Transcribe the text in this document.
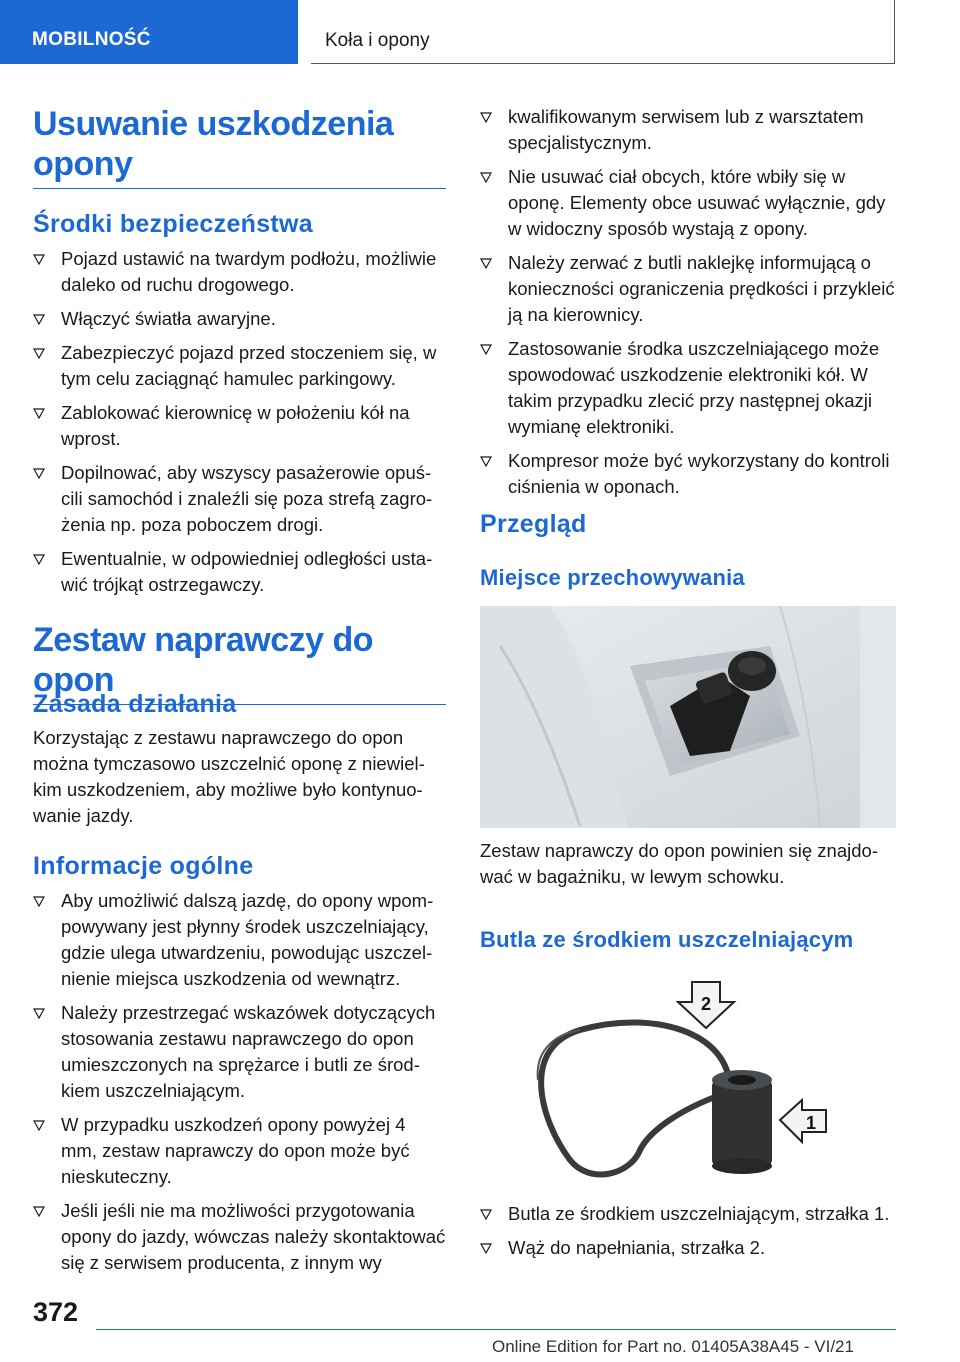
MOBILNOŚĆ	Koła i opony
Usuwanie uszkodzenia opony
Środki bezpieczeństwa
Pojazd ustawić na twardym podłożu, możliwie daleko od ruchu drogowego.
Włączyć światła awaryjne.
Zabezpieczyć pojazd przed stoczeniem się, w tym celu zaciągnąć hamulec parkingowy.
Zablokować kierownicę w położeniu kół na wprost.
Dopilnować, aby wszyscy pasażerowie opuścili samochód i znaleźli się poza strefą zagrożenia np. poza poboczem drogi.
Ewentualnie, w odpowiedniej odległości ustawić trójkąt ostrzegawczy.
Zestaw naprawczy do opon
Zasada działania
Korzystając z zestawu naprawczego do opon można tymczasowo uszczelnić oponę z niewielkim uszkodzeniem, aby możliwe było kontynuowanie jazdy.
Informacje ogólne
Aby umożliwić dalszą jazdę, do opony wpompowywany jest płynny środek uszczelniający, gdzie ulega utwardzeniu, powodując uszczelnienie miejsca uszkodzenia od wewnątrz.
Należy przestrzegać wskazówek dotyczących stosowania zestawu naprawczego do opon umieszczonych na sprężarce i butli ze środkiem uszczelniającym.
W przypadku uszkodzeń opony powyżej 4 mm, zestaw naprawczy do opon może być nieskuteczny.
Jeśli jeśli nie ma możliwości przygotowania opony do jazdy, wówczas należy skontaktować się z serwisem producenta, z innym wy
kwalifikowanym serwisem lub z warsztatem specjalistycznym.
Nie usuwać ciał obcych, które wbiły się w oponę. Elementy obce usuwać wyłącznie, gdy w widoczny sposób wystają z opony.
Należy zerwać z butli naklejkę informującą o konieczności ograniczenia prędkości i przykleić ją na kierownicy.
Zastosowanie środka uszczelniającego może spowodować uszkodzenie elektroniki kół. W takim przypadku zlecić przy następnej okazji wymianę elektroniki.
Kompresor może być wykorzystany do kontroli ciśnienia w oponach.
Przegląd
Miejsce przechowywania
Zestaw naprawczy do opon powinien się znajdować w bagażniku, w lewym schowku.
Butla ze środkiem uszczelniającym
2
1
Butla ze środkiem uszczelniającym, strzałka 1.
Wąż do napełniania, strzałka 2.
372
Online Edition for Part no. 01405A38A45 - VI/21
